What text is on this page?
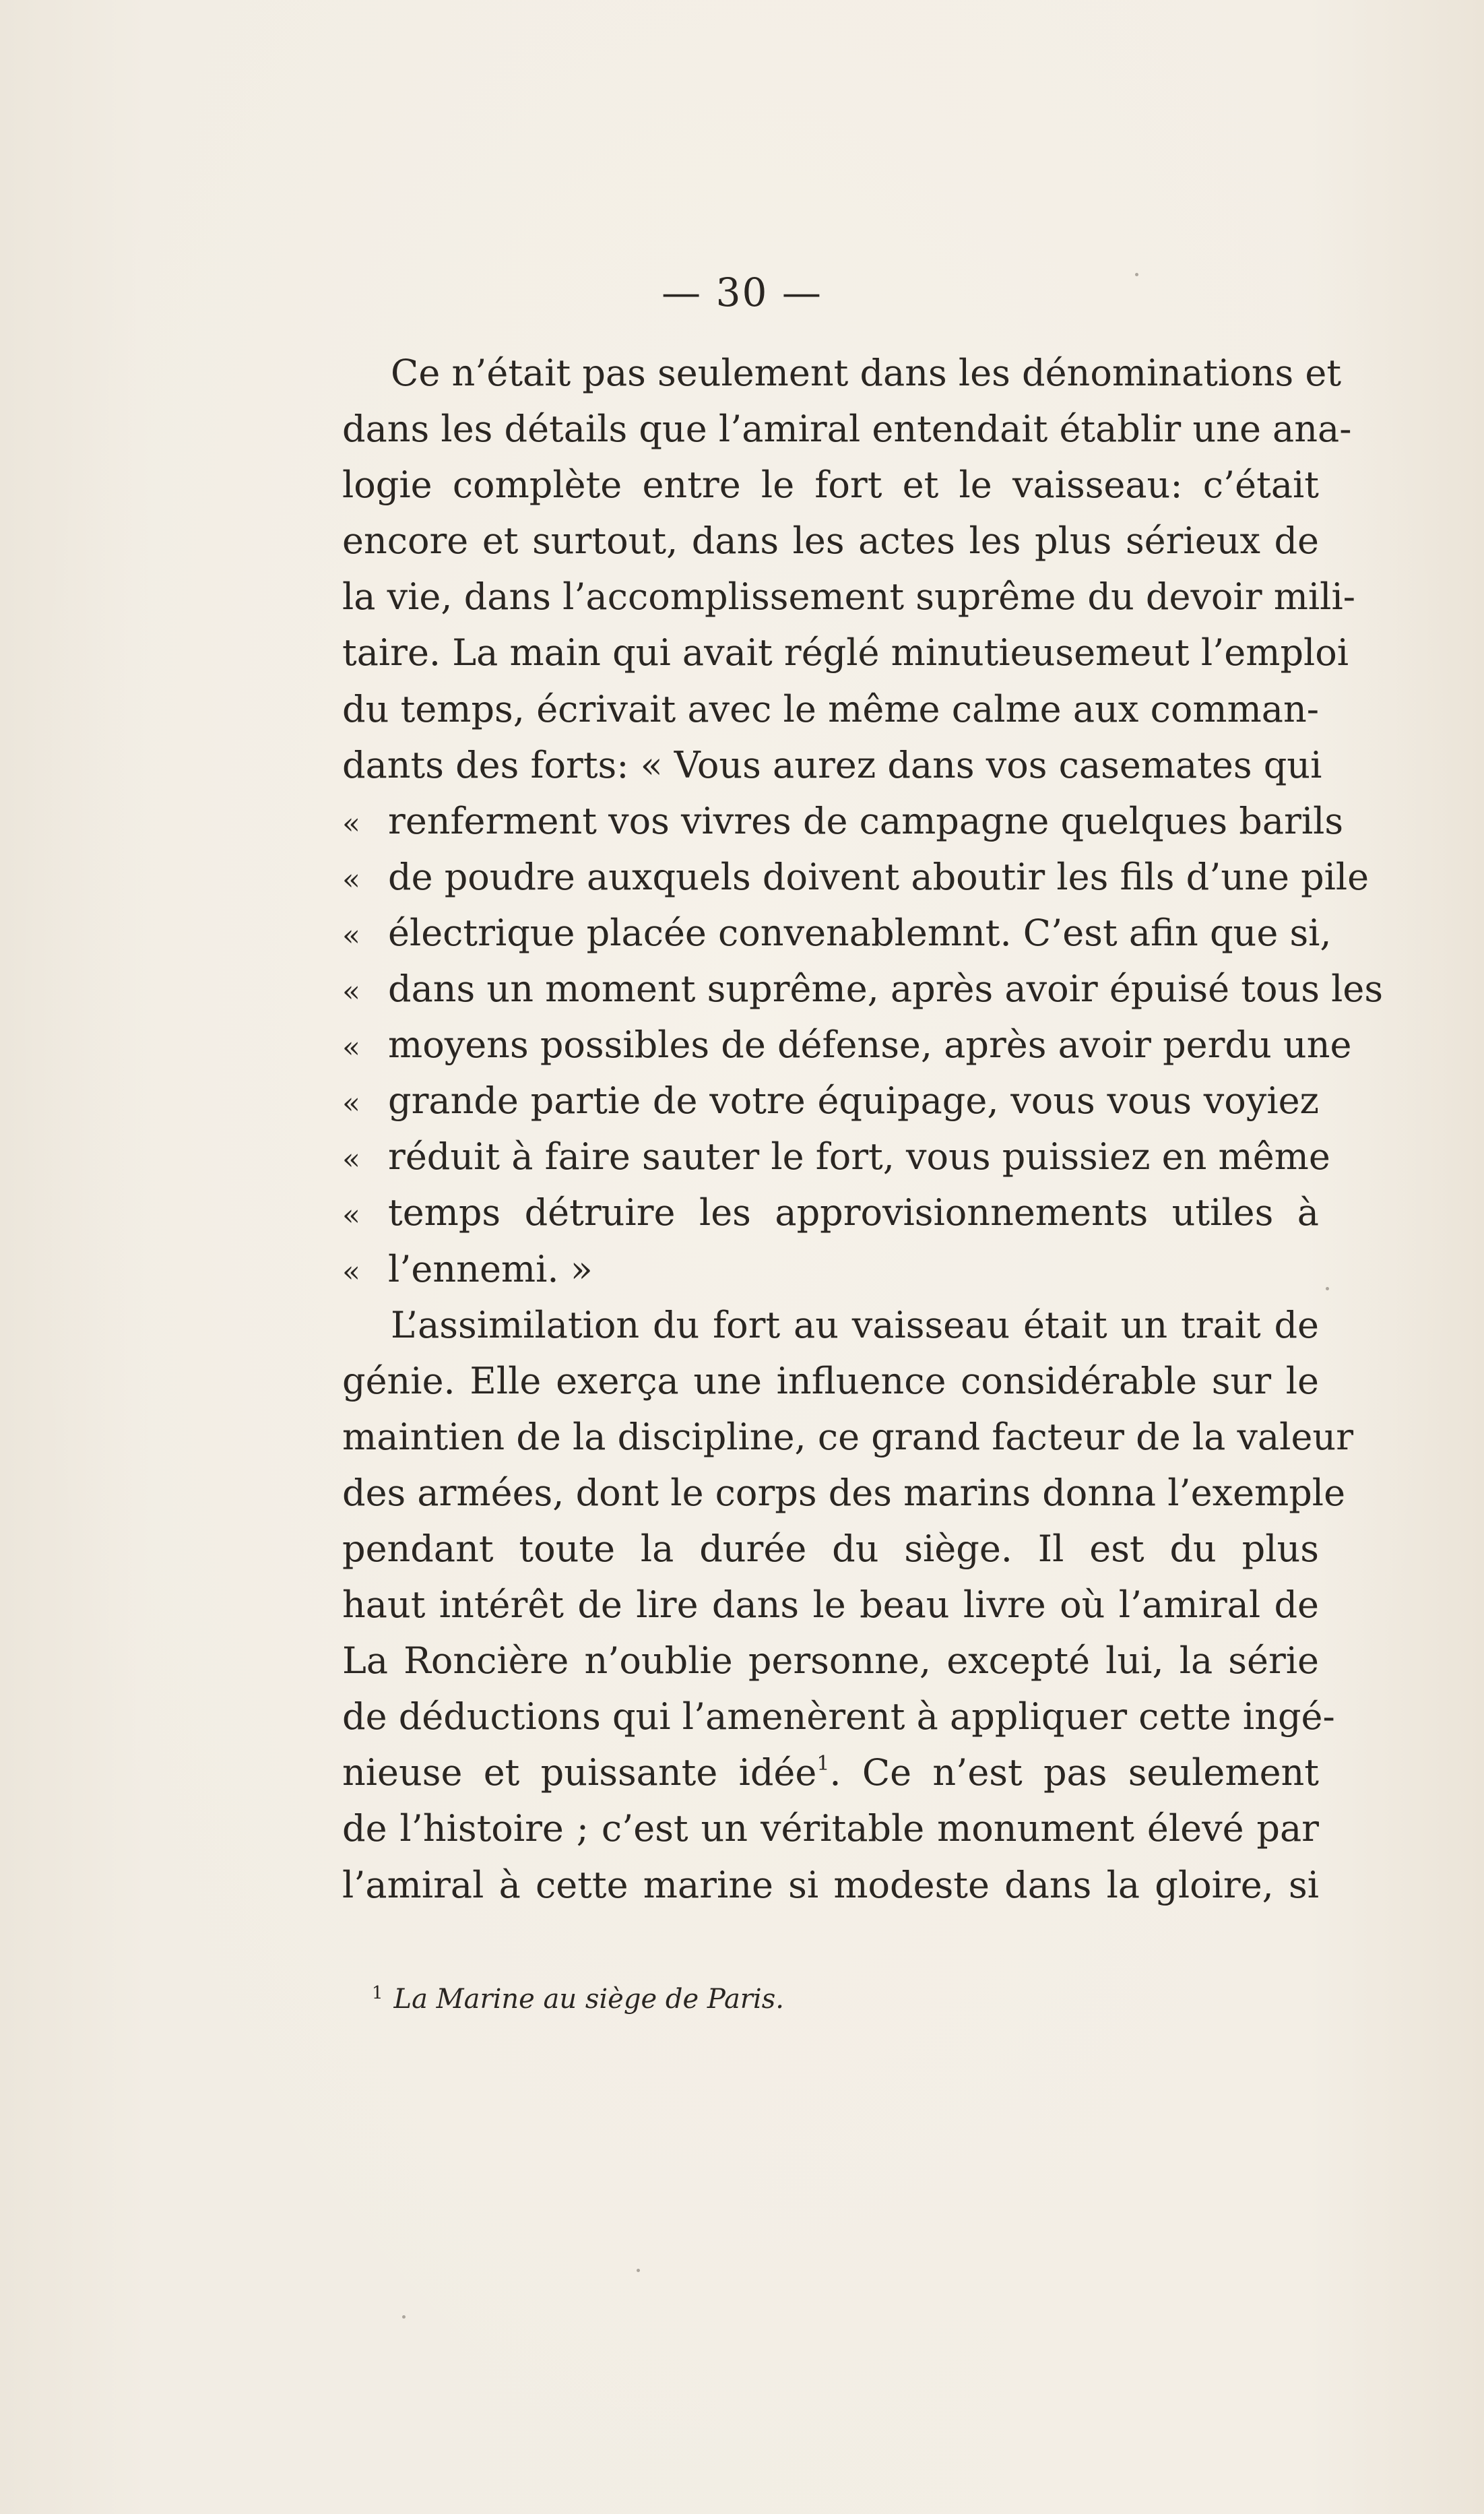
— 30 —
Ce n’était pas seulement dans les dénominations et
dans les détails que l’amiral entendait établir une ana-
logie complète entre le fort et le vaisseau: c’était
encore et surtout, dans les actes les plus sérieux de
la vie, dans l’accomplissement suprême du devoir mili-
taire. La main qui avait réglé minutieusemeut l’emploi
du temps, écrivait avec le même calme aux comman-
dants des forts: « Vous aurez dans vos casemates qui
« renferment vos vivres de campagne quelques barils
« de poudre auxquels doivent aboutir les fils d’une pile
« électrique placée convenablemnt. C’est afin que si,
« dans un moment suprême, après avoir épuisé tous les
« moyens possibles de défense, après avoir perdu une
« grande partie de votre équipage, vous vous voyiez
« réduit à faire sauter le fort, vous puissiez en même
« temps détruire les approvisionnements utiles à
« l’ennemi. »
L’assimilation du fort au vaisseau était un trait de
génie. Elle exerça une influence considérable sur le
maintien de la discipline, ce grand facteur de la valeur
des armées, dont le corps des marins donna l’exemple
pendant toute la durée du siège. Il est du plus
haut intérêt de lire dans le beau livre où l’amiral de
La Roncière n’oublie personne, excepté lui, la série
de déductions qui l’amenèrent à appliquer cette ingé-
nieuse et puissante idée$^1$. Ce n’est pas seulement
de l’histoire ; c’est un véritable monument élevé par
l’amiral à cette marine si modeste dans la gloire, si
$^1$ La Marine au siège de Paris.
